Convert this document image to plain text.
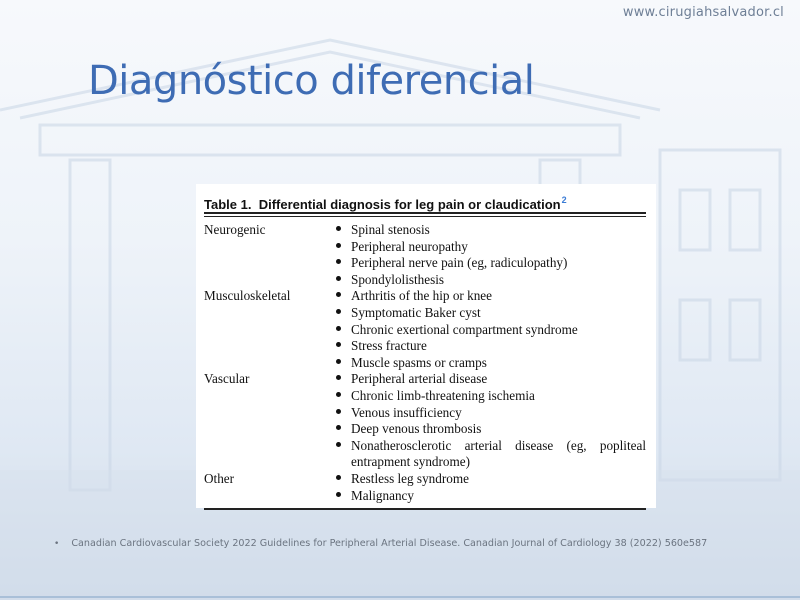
www.cirugiahsalvador.cl
Diagnóstico diferencial
Table 1. Differential diagnosis for leg pain or claudication$^2$
Neurogenic		Spinal stenosis
		Peripheral neuropathy
		Peripheral nerve pain (eg, radiculopathy)
		Spondylolisthesis
Musculoskeletal		Arthritis of the hip or knee
		Symptomatic Baker cyst
		Chronic exertional compartment syndrome
		Stress fracture
		Muscle spasms or cramps
Vascular		Peripheral arterial disease
		Chronic limb-threatening ischemia
		Venous insufficiency
		Deep venous thrombosis
		Nonatherosclerotic arterial disease (eg, popliteal entrapment syndrome)
Other		Restless leg syndrome
		Malignancy
• Canadian Cardiovascular Society 2022 Guidelines for Peripheral Arterial Disease. Canadian Journal of Cardiology 38 (2022) 560e587
